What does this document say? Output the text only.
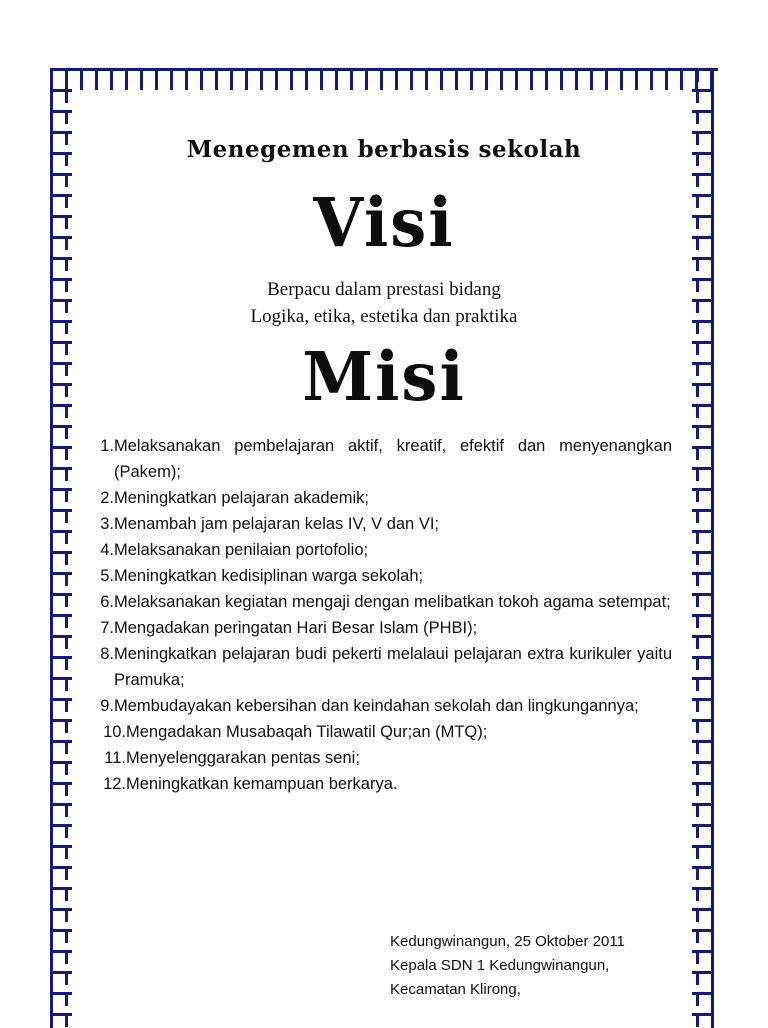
Menegemen berbasis sekolah
Visi
Berpacu dalam prestasi bidang
Logika, etika, estetika dan praktika
Misi
1. Melaksanakan pembelajaran aktif, kreatif, efektif dan menyenangkan (Pakem);
2. Meningkatkan pelajaran akademik;
3. Menambah jam pelajaran kelas IV, V dan VI;
4. Melaksanakan penilaian portofolio;
5. Meningkatkan kedisiplinan warga sekolah;
6. Melaksanakan kegiatan mengaji dengan melibatkan tokoh agama setempat;
7. Mengadakan peringatan Hari Besar Islam (PHBI);
8. Meningkatkan pelajaran budi pekerti melalaui pelajaran extra kurikuler yaitu Pramuka;
9. Membudayakan kebersihan dan keindahan sekolah dan lingkungannya;
10. Mengadakan Musabaqah Tilawatil Qur;an (MTQ);
11. Menyelenggarakan pentas seni;
12. Meningkatkan kemampuan berkarya.
Kedungwinangun, 25 Oktober 2011
Kepala SDN 1 Kedungwinangun,
Kecamatan Klirong,
